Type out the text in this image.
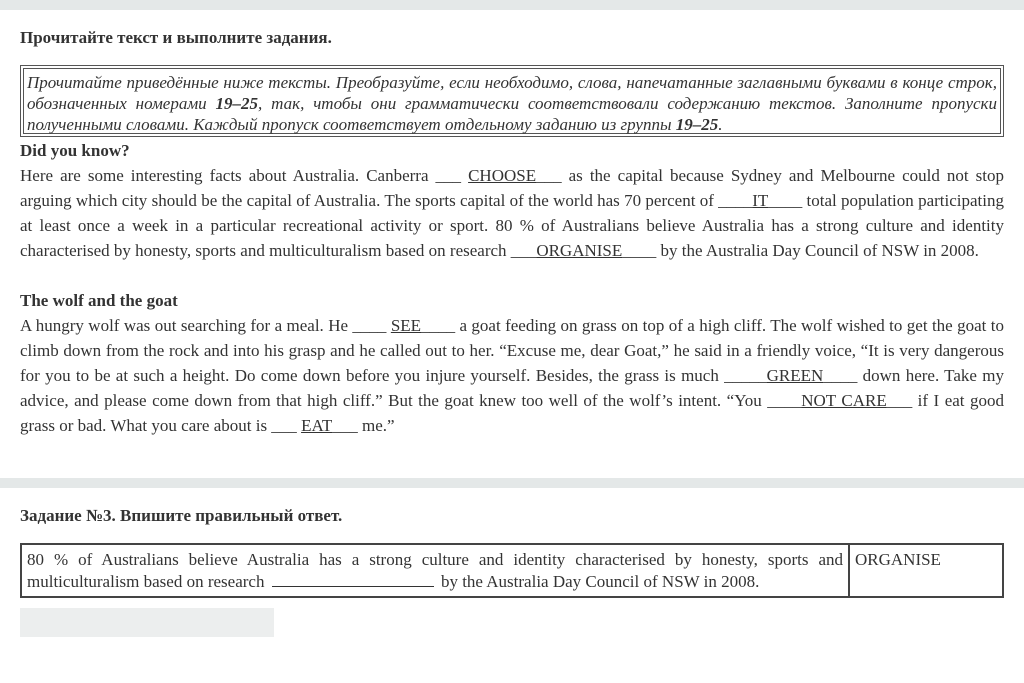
Прочитайте текст и выполните задания.
Прочитайте приведённые ниже тексты. Преобразуйте, если необходимо, слова, напечатанные заглавными буквами в конце строк, обозначенных номерами 19–25, так, чтобы они грамматически соответствовали содержанию текстов. Заполните пропуски полученными словами. Каждый пропуск соответствует отдельному заданию из группы 19–25.
Did you know?
Here are some interesting facts about Australia. Canberra ___ CHOOSE___ as the capital because Sydney and Melbourne could not stop arguing which city should be the capital of Australia. The sports capital of the world has 70 percent of ____IT____ total population participating at least once a week in a particular recreational activity or sport. 80 % of Australians believe Australia has a strong culture and identity characterised by honesty, sports and multiculturalism based on research ___ORGANISE____ by the Australia Day Council of NSW in 2008.
The wolf and the goat
A hungry wolf was out searching for a meal. He ____ SEE____ a goat feeding on grass on top of a high cliff. The wolf wished to get the goat to climb down from the rock and into his grasp and he called out to her. “Excuse me, dear Goat,” he said in a friendly voice, “It is very dangerous for you to be at such a height. Do come down before you injure yourself. Besides, the grass is much _____GREEN____ down here. Take my advice, and please come down from that high cliff.” But the goat knew too well of the wolf’s intent. “You ____NOT CARE___ if I eat good grass or bad. What you care about is ___ EAT___ me.”
Задание №3. Впишите правильный ответ.
80 % of Australians believe Australia has a strong culture and identity characterised by honesty, sports and multiculturalism based on research	by the Australia Day Council of NSW in 2008.	ORGANISE
